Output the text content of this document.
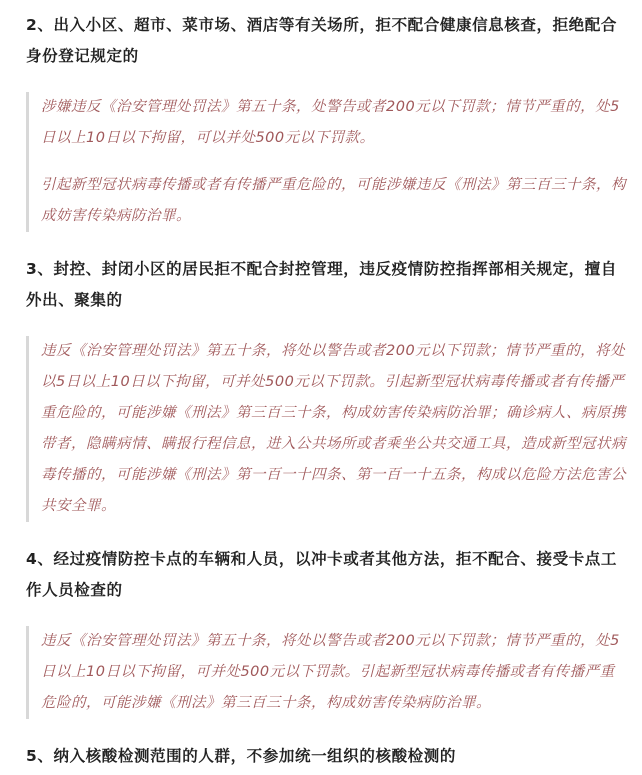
2、出入小区、超市、菜市场、酒店等有关场所，拒不配合健康信息核查，拒绝配合身份登记规定的

涉嫌违反《治安管理处罚法》第五十条，处警告或者200元以下罚款；情节严重的，处5日以上10日以下拘留，可以并处500元以下罚款。

引起新型冠状病毒传播或者有传播严重危险的，可能涉嫌违反《刑法》第三百三十条，构成妨害传染病防治罪。

3、封控、封闭小区的居民拒不配合封控管理，违反疫情防控指挥部相关规定，擅自外出、聚集的

违反《治安管理处罚法》第五十条，将处以警告或者200元以下罚款；情节严重的，将处以5日以上10日以下拘留，可并处500元以下罚款。引起新型冠状病毒传播或者有传播严重危险的，可能涉嫌《刑法》第三百三十条，构成妨害传染病防治罪；确诊病人、病原携带者，隐瞒病情、瞒报行程信息，进入公共场所或者乘坐公共交通工具，造成新型冠状病毒传播的，可能涉嫌《刑法》第一百一十四条、第一百一十五条，构成以危险方法危害公共安全罪。

4、经过疫情防控卡点的车辆和人员，以冲卡或者其他方法，拒不配合、接受卡点工作人员检查的

违反《治安管理处罚法》第五十条，将处以警告或者200元以下罚款；情节严重的，处5日以上10日以下拘留，可并处500元以下罚款。引起新型冠状病毒传播或者有传播严重危险的，可能涉嫌《刑法》第三百三十条，构成妨害传染病防治罪。

5、纳入核酸检测范围的人群，不参加统一组织的核酸检测的
